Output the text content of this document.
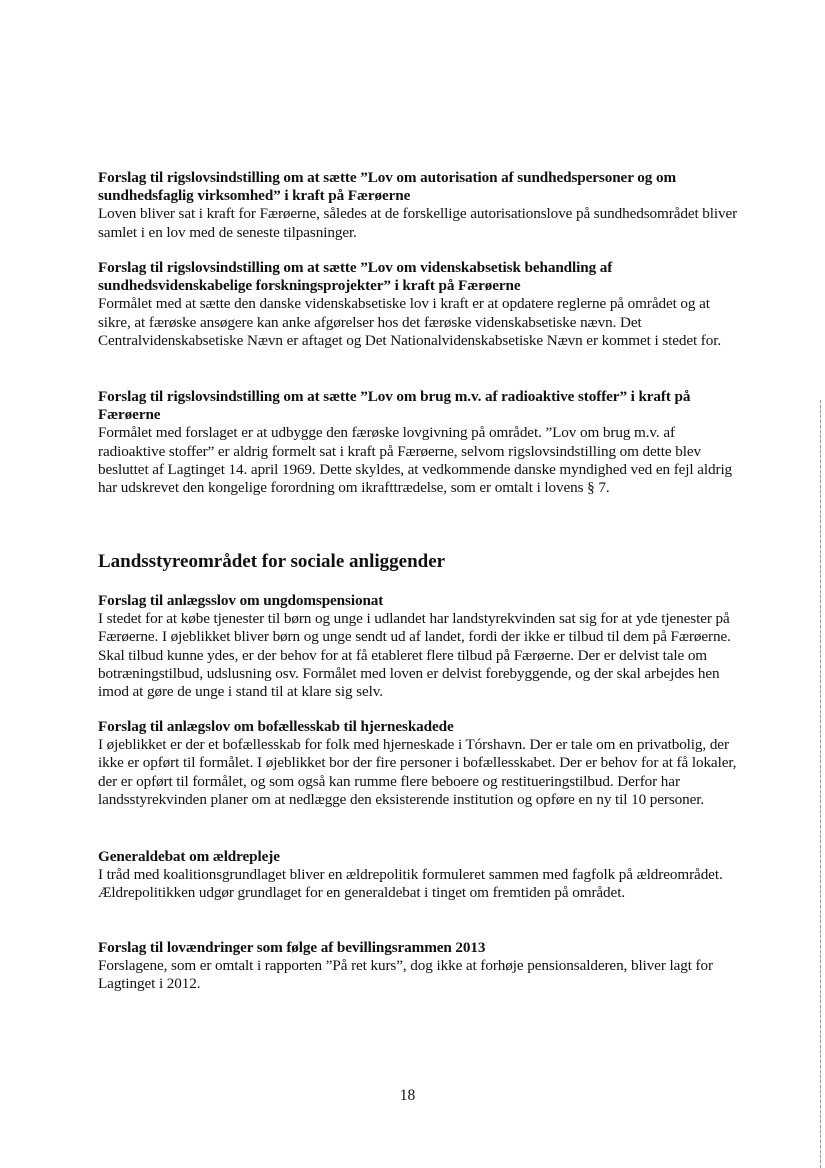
Forslag til rigslovsindstilling om at sætte ”Lov om autorisation af sundhedspersoner og om sundhedsfaglig virksomhed” i kraft på Færøerne

Loven bliver sat i kraft for Færøerne, således at de forskellige autorisationslove på sundhedsområdet bliver samlet i en lov med de seneste tilpasninger.

Forslag til rigslovsindstilling om at sætte ”Lov om videnskabsetisk behandling af sundhedsvidenskabelige forskningsprojekter” i kraft på Færøerne

Formålet med at sætte den danske videnskabsetiske lov i kraft er at opdatere reglerne på området og at sikre, at færøske ansøgere kan anke afgørelser hos det færøske videnskabsetiske nævn. Det Centralvidenskabsetiske Nævn er aftaget og Det Nationalvidenskabsetiske Nævn er kommet i stedet for.

Forslag til rigslovsindstilling om at sætte ”Lov om brug m.v. af radioaktive stoffer” i kraft på Færøerne

Formålet med forslaget er at udbygge den færøske lovgivning på området. ”Lov om brug m.v. af radioaktive stoffer” er aldrig formelt sat i kraft på Færøerne, selvom rigslovsindstilling om dette blev besluttet af Lagtinget 14. april 1969. Dette skyldes, at vedkommende danske myndighed ved en fejl aldrig har udskrevet den kongelige forordning om ikrafttrædelse, som er omtalt i lovens § 7.

Landsstyreområdet for sociale anliggender

Forslag til anlægsslov om ungdomspensionat

I stedet for at købe tjenester til børn og unge i udlandet har landstyrekvinden sat sig for at yde tjenester på Færøerne. I øjeblikket bliver børn og unge sendt ud af landet, fordi der ikke er tilbud til dem på Færøerne. Skal tilbud kunne ydes, er der behov for at få etableret flere tilbud på Færøerne. Der er delvist tale om botræningstilbud, udslusning osv. Formålet med loven er delvist forebyggende, og der skal arbejdes hen imod at gøre de unge i stand til at klare sig selv.

Forslag til anlægslov om bofællesskab til hjerneskadede

I øjeblikket er der et bofællesskab for folk med hjerneskade i Tórshavn. Der er tale om en privatbolig, der ikke er opført til formålet. I øjeblikket bor der fire personer i bofællesskabet. Der er behov for at få lokaler, der er opført til formålet, og som også kan rumme flere beboere og restitueringstilbud. Derfor har landsstyrekvinden planer om at nedlægge den eksisterende institution og opføre en ny til 10 personer.

Generaldebat om ældrepleje

I tråd med koalitionsgrundlaget bliver en ældrepolitik formuleret sammen med fagfolk på ældreområdet. Ældrepolitikken udgør grundlaget for en generaldebat i tinget om fremtiden på området.

Forslag til lovændringer som følge af bevillingsrammen 2013

Forslagene, som er omtalt i rapporten ”På ret kurs”, dog ikke at forhøje pensionsalderen, bliver lagt for Lagtinget i 2012.

18
